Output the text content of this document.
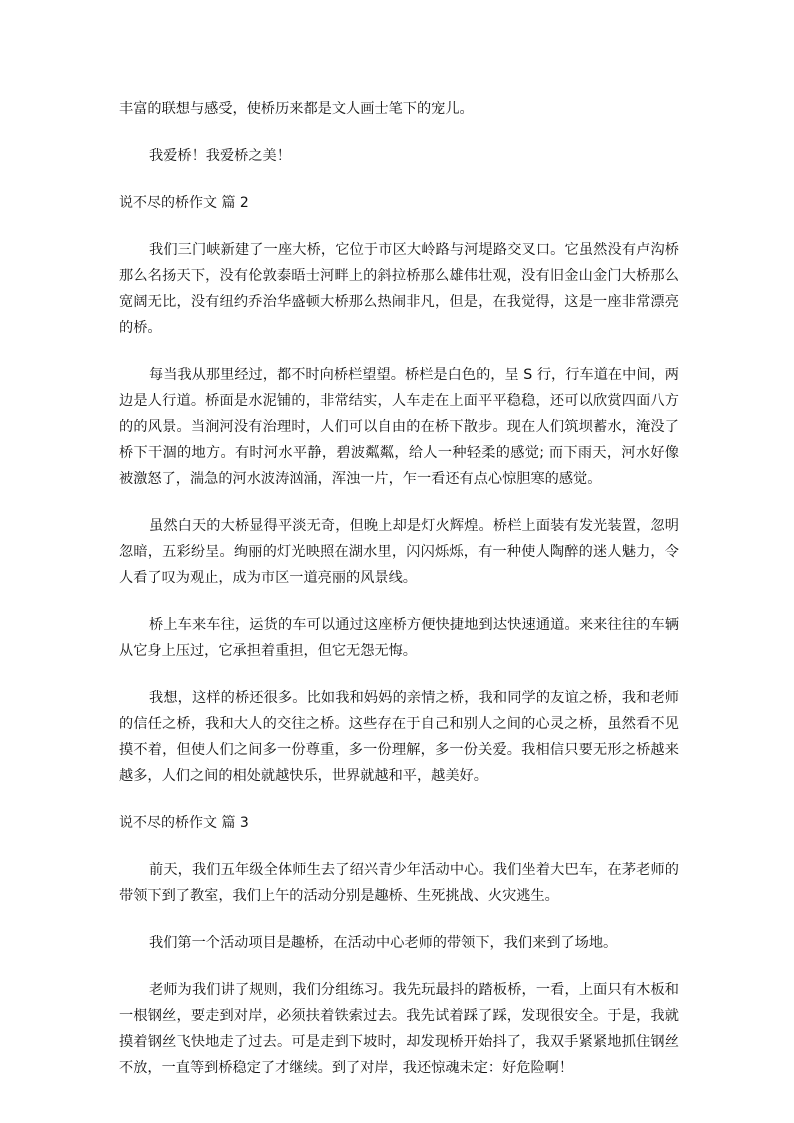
丰富的联想与感受，使桥历来都是文人画士笔下的宠儿。

我爱桥！我爱桥之美！

说不尽的桥作文 篇 2

我们三门峡新建了一座大桥，它位于市区大岭路与河堤路交叉口。它虽然没有卢沟桥那么名扬天下，没有伦敦泰晤士河畔上的斜拉桥那么雄伟壮观，没有旧金山金门大桥那么宽阔无比，没有纽约乔治华盛顿大桥那么热闹非凡，但是，在我觉得，这是一座非常漂亮的桥。

每当我从那里经过，都不时向桥栏望望。桥栏是白色的，呈 S 行，行车道在中间，两边是人行道。桥面是水泥铺的，非常结实，人车走在上面平平稳稳，还可以欣赏四面八方的的风景。当涧河没有治理时，人们可以自由的在桥下散步。现在人们筑坝蓄水，淹没了桥下干涸的地方。有时河水平静，碧波粼粼，给人一种轻柔的感觉; 而下雨天，河水好像被激怒了，湍急的河水波涛汹涌，浑浊一片，乍一看还有点心惊胆寒的感觉。

虽然白天的大桥显得平淡无奇，但晚上却是灯火辉煌。桥栏上面装有发光装置，忽明忽暗，五彩纷呈。绚丽的灯光映照在湖水里，闪闪烁烁，有一种使人陶醉的迷人魅力，令人看了叹为观止，成为市区一道亮丽的风景线。

桥上车来车往，运货的车可以通过这座桥方便快捷地到达快速通道。来来往往的车辆从它身上压过，它承担着重担，但它无怨无悔。

我想，这样的桥还很多。比如我和妈妈的亲情之桥，我和同学的友谊之桥，我和老师的信任之桥，我和大人的交往之桥。这些存在于自己和别人之间的心灵之桥，虽然看不见摸不着，但使人们之间多一份尊重，多一份理解，多一份关爱。我相信只要无形之桥越来越多，人们之间的相处就越快乐，世界就越和平，越美好。

说不尽的桥作文 篇 3

前天，我们五年级全体师生去了绍兴青少年活动中心。我们坐着大巴车，在茅老师的带领下到了教室，我们上午的活动分别是趣桥、生死挑战、火灾逃生。

我们第一个活动项目是趣桥，在活动中心老师的带领下，我们来到了场地。

老师为我们讲了规则，我们分组练习。我先玩最抖的踏板桥，一看，上面只有木板和一根钢丝，要走到对岸，必须扶着铁索过去。我先试着踩了踩，发现很安全。于是，我就摸着钢丝飞快地走了过去。可是走到下坡时，却发现桥开始抖了，我双手紧紧地抓住钢丝不放，一直等到桥稳定了才继续。到了对岸，我还惊魂未定：好危险啊！
